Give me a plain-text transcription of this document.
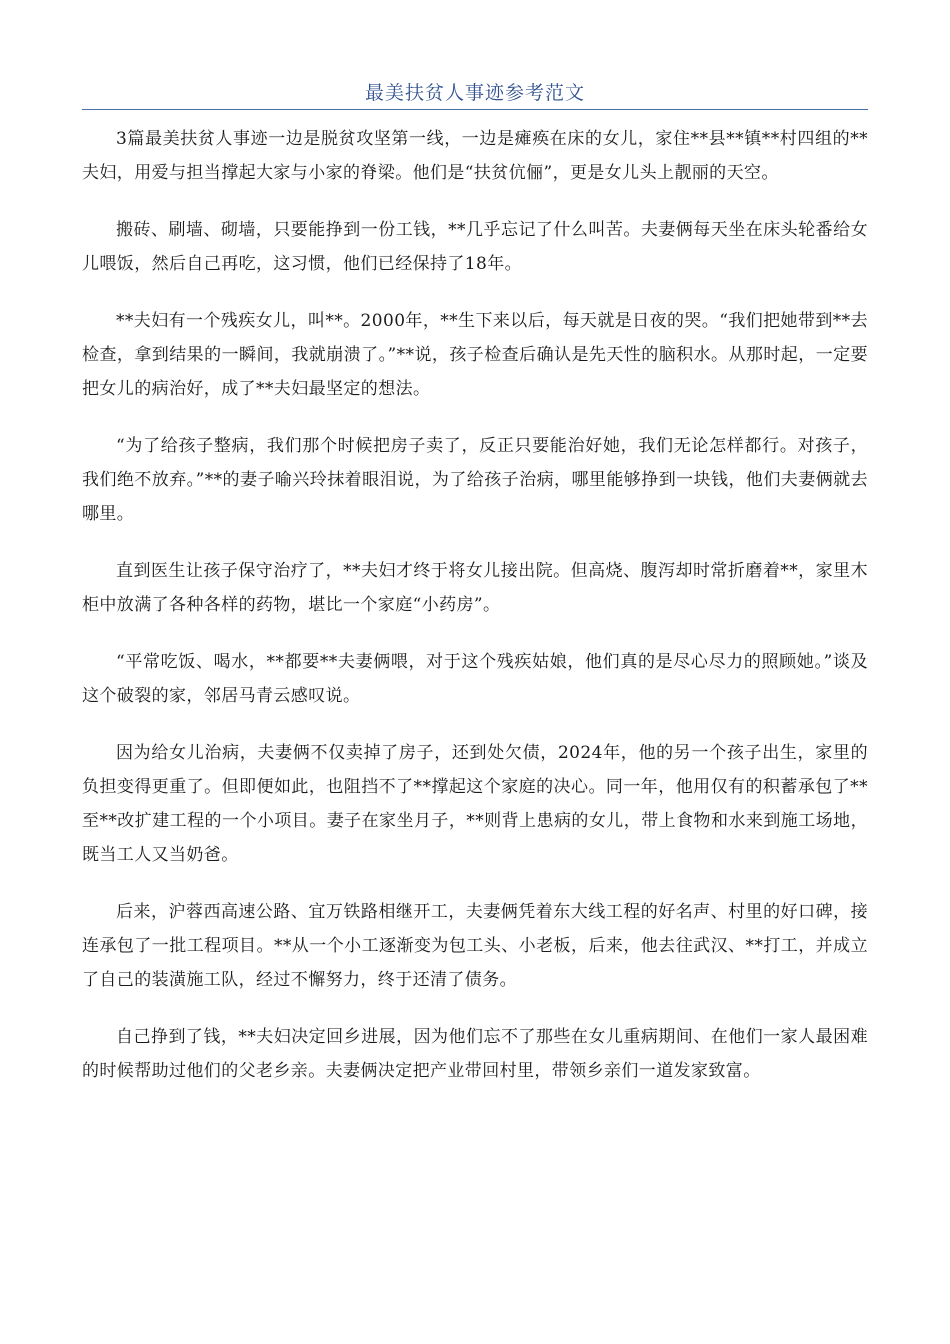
最美扶贫人事迹参考范文

3篇最美扶贫人事迹一边是脱贫攻坚第一线，一边是瘫痪在床的女儿，家住**县**镇**村四组的**夫妇，用爱与担当撑起大家与小家的脊梁。他们是“扶贫伉俪”，更是女儿头上靓丽的天空。

搬砖、刷墙、砌墙，只要能挣到一份工钱，**几乎忘记了什么叫苦。夫妻俩每天坐在床头轮番给女儿喂饭，然后自己再吃，这习惯，他们已经保持了18年。

**夫妇有一个残疾女儿，叫**。2000年，**生下来以后，每天就是日夜的哭。“我们把她带到**去检查，拿到结果的一瞬间，我就崩溃了。”**说，孩子检查后确认是先天性的脑积水。从那时起，一定要把女儿的病治好，成了**夫妇最坚定的想法。

“为了给孩子整病，我们那个时候把房子卖了，反正只要能治好她，我们无论怎样都行。对孩子，我们绝不放弃。”**的妻子喻兴玲抹着眼泪说，为了给孩子治病，哪里能够挣到一块钱，他们夫妻俩就去哪里。

直到医生让孩子保守治疗了，**夫妇才终于将女儿接出院。但高烧、腹泻却时常折磨着**，家里木柜中放满了各种各样的药物，堪比一个家庭“小药房”。

“平常吃饭、喝水，**都要**夫妻俩喂，对于这个残疾姑娘，他们真的是尽心尽力的照顾她。”谈及这个破裂的家，邻居马青云感叹说。

因为给女儿治病，夫妻俩不仅卖掉了房子，还到处欠债，2024年，他的另一个孩子出生，家里的负担变得更重了。但即便如此，也阻挡不了**撑起这个家庭的决心。同一年，他用仅有的积蓄承包了**至**改扩建工程的一个小项目。妻子在家坐月子，**则背上患病的女儿，带上食物和水来到施工场地，既当工人又当奶爸。

后来，沪蓉西高速公路、宜万铁路相继开工，夫妻俩凭着东大线工程的好名声、村里的好口碑，接连承包了一批工程项目。**从一个小工逐渐变为包工头、小老板，后来，他去往武汉、**打工，并成立了自己的装潢施工队，经过不懈努力，终于还清了债务。

自己挣到了钱，**夫妇决定回乡进展，因为他们忘不了那些在女儿重病期间、在他们一家人最困难的时候帮助过他们的父老乡亲。夫妻俩决定把产业带回村里，带领乡亲们一道发家致富。
